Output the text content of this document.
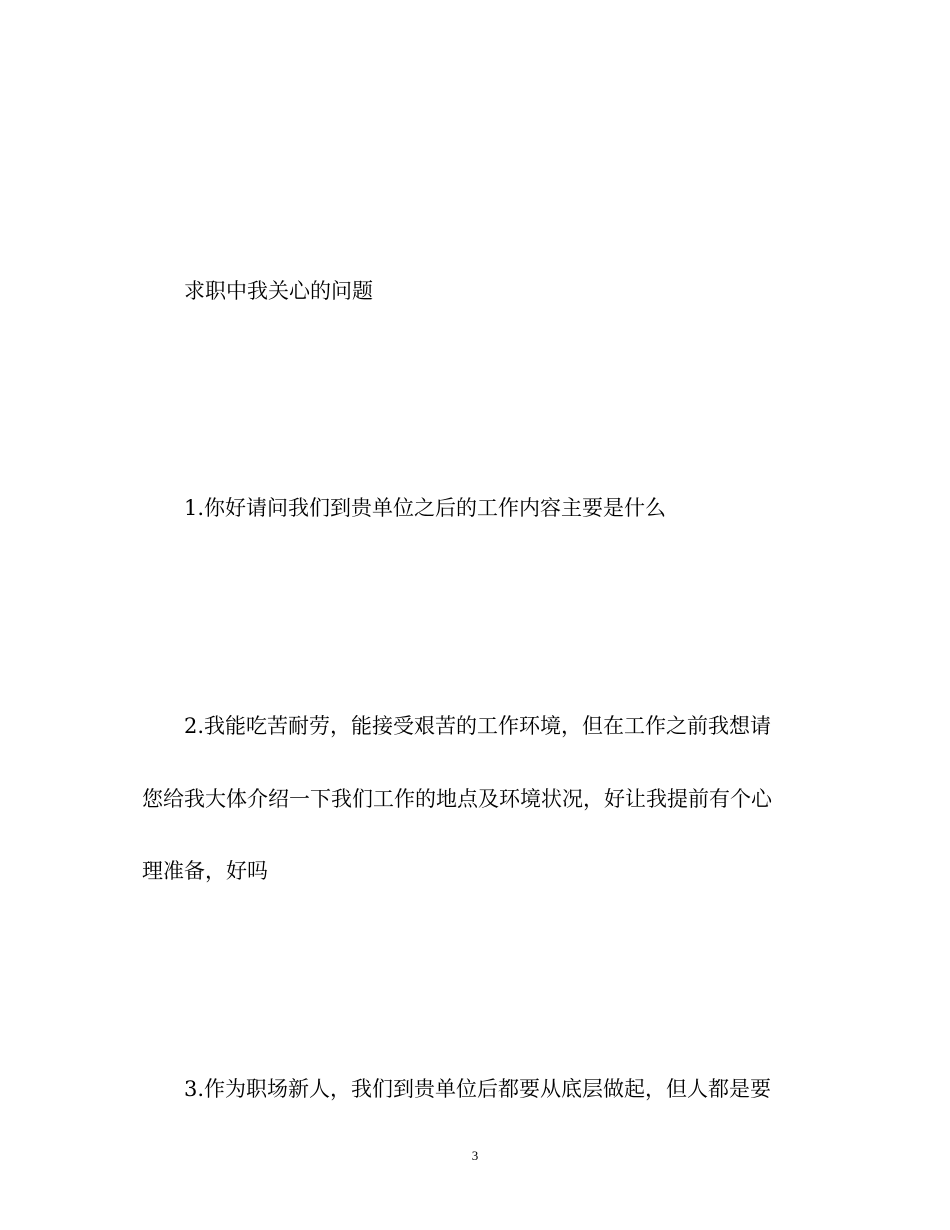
求职中我关心的问题
1.你好请问我们到贵单位之后的工作内容主要是什么
2.我能吃苦耐劳，能接受艰苦的工作环境，但在工作之前我想请
您给我大体介绍一下我们工作的地点及环境状况，好让我提前有个心
理准备，好吗
3.作为职场新人，我们到贵单位后都要从底层做起，但人都是要
3
